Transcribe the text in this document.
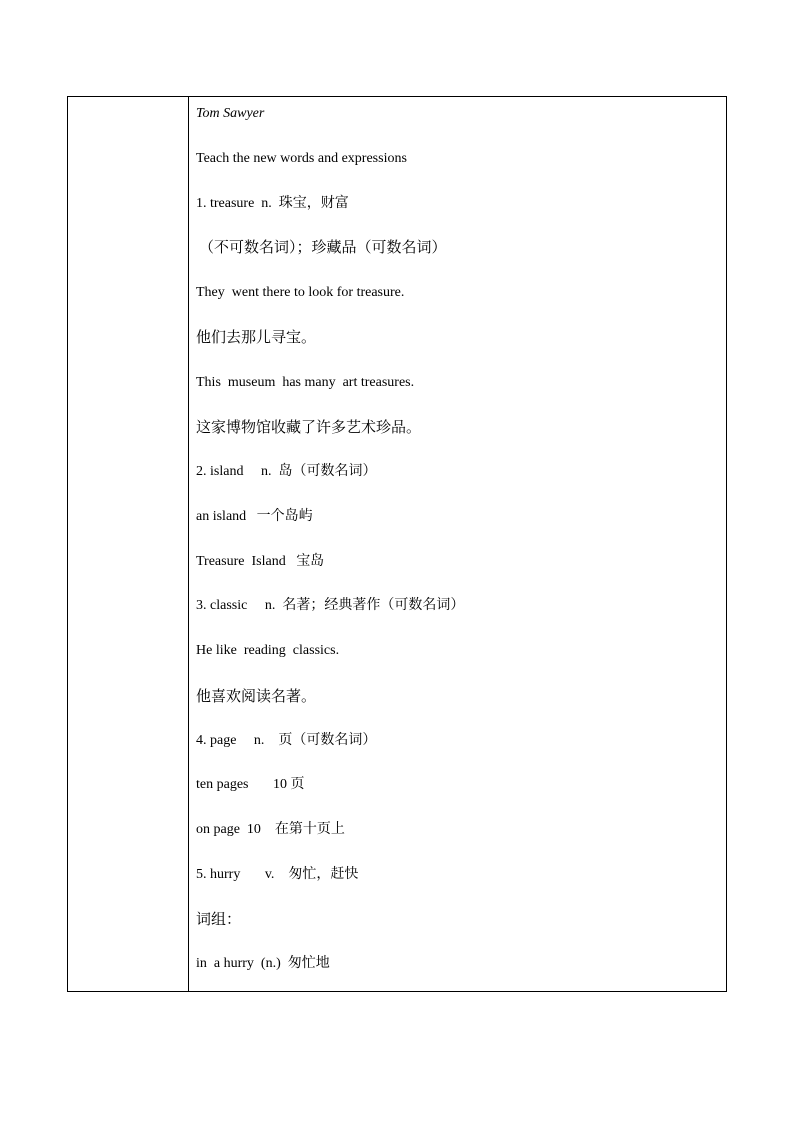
Tom Sawyer
Teach the new words and expressions
1. treasure  n.  珠宝，财富
（不可数名词）；珍藏品（可数名词）
They  went there to look for treasure.
他们去那儿寻宝。
This  museum  has many  art treasures.
这家博物馆收藏了许多艺术珍品。
2. island     n.  岛（可数名词）
an island   一个岛屿
Treasure  Island   宝岛
3. classic     n.  名著；经典著作（可数名词）
He like  reading  classics.
他喜欢阅读名著。
4. page     n.    页（可数名词）
ten pages       10 页
on page  10    在第十页上
5. hurry       v.    匆忙，赶快
词组：
in  a hurry  (n.)  匆忙地
